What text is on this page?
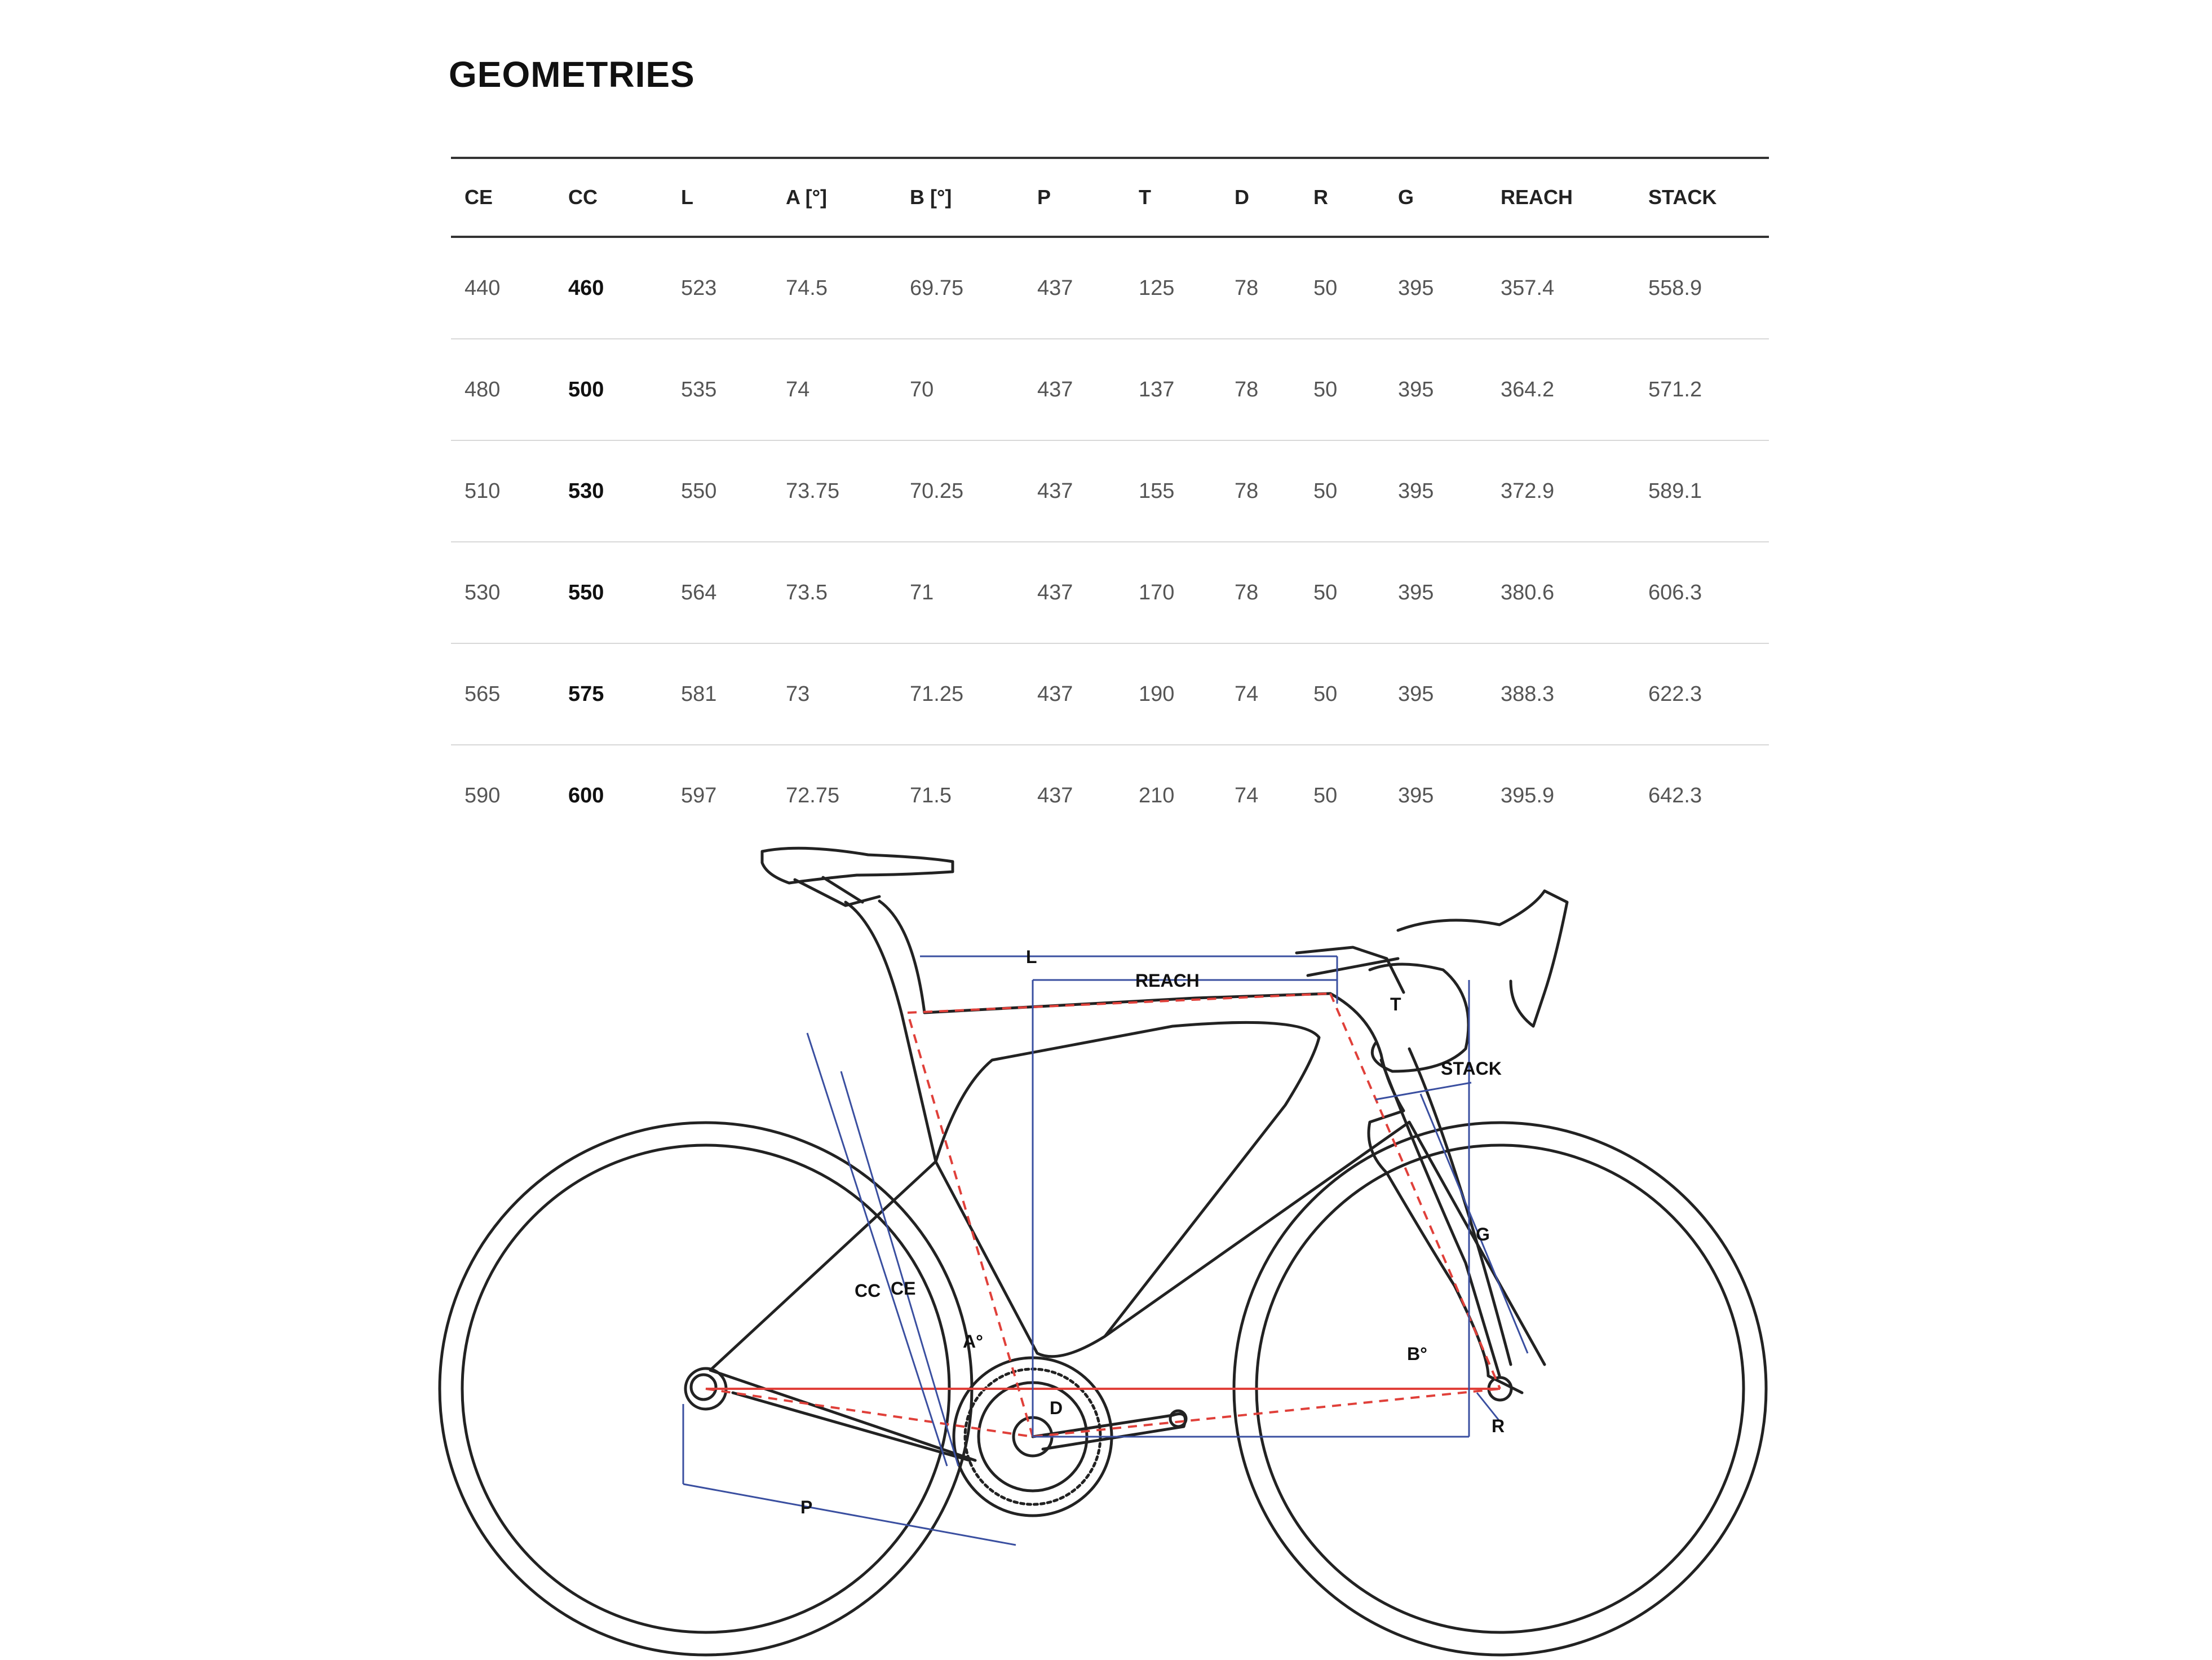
GEOMETRIES
CE	CC	L	A [°]	B [°]	P	T	D	R	G	REACH	STACK
440	460	523	74.5	69.75	437	125	78	50	395	357.4	558.9
480	500	535	74	70	437	137	78	50	395	364.2	571.2
510	530	550	73.75	70.25	437	155	78	50	395	372.9	589.1
530	550	564	73.5	71	437	170	78	50	395	380.6	606.3
565	575	581	73	71.25	437	190	74	50	395	388.3	622.3
590	600	597	72.75	71.5	437	210	74	50	395	395.9	642.3
L
REACH
T
STACK
G
CC CE
A°
B°
D
R
P
